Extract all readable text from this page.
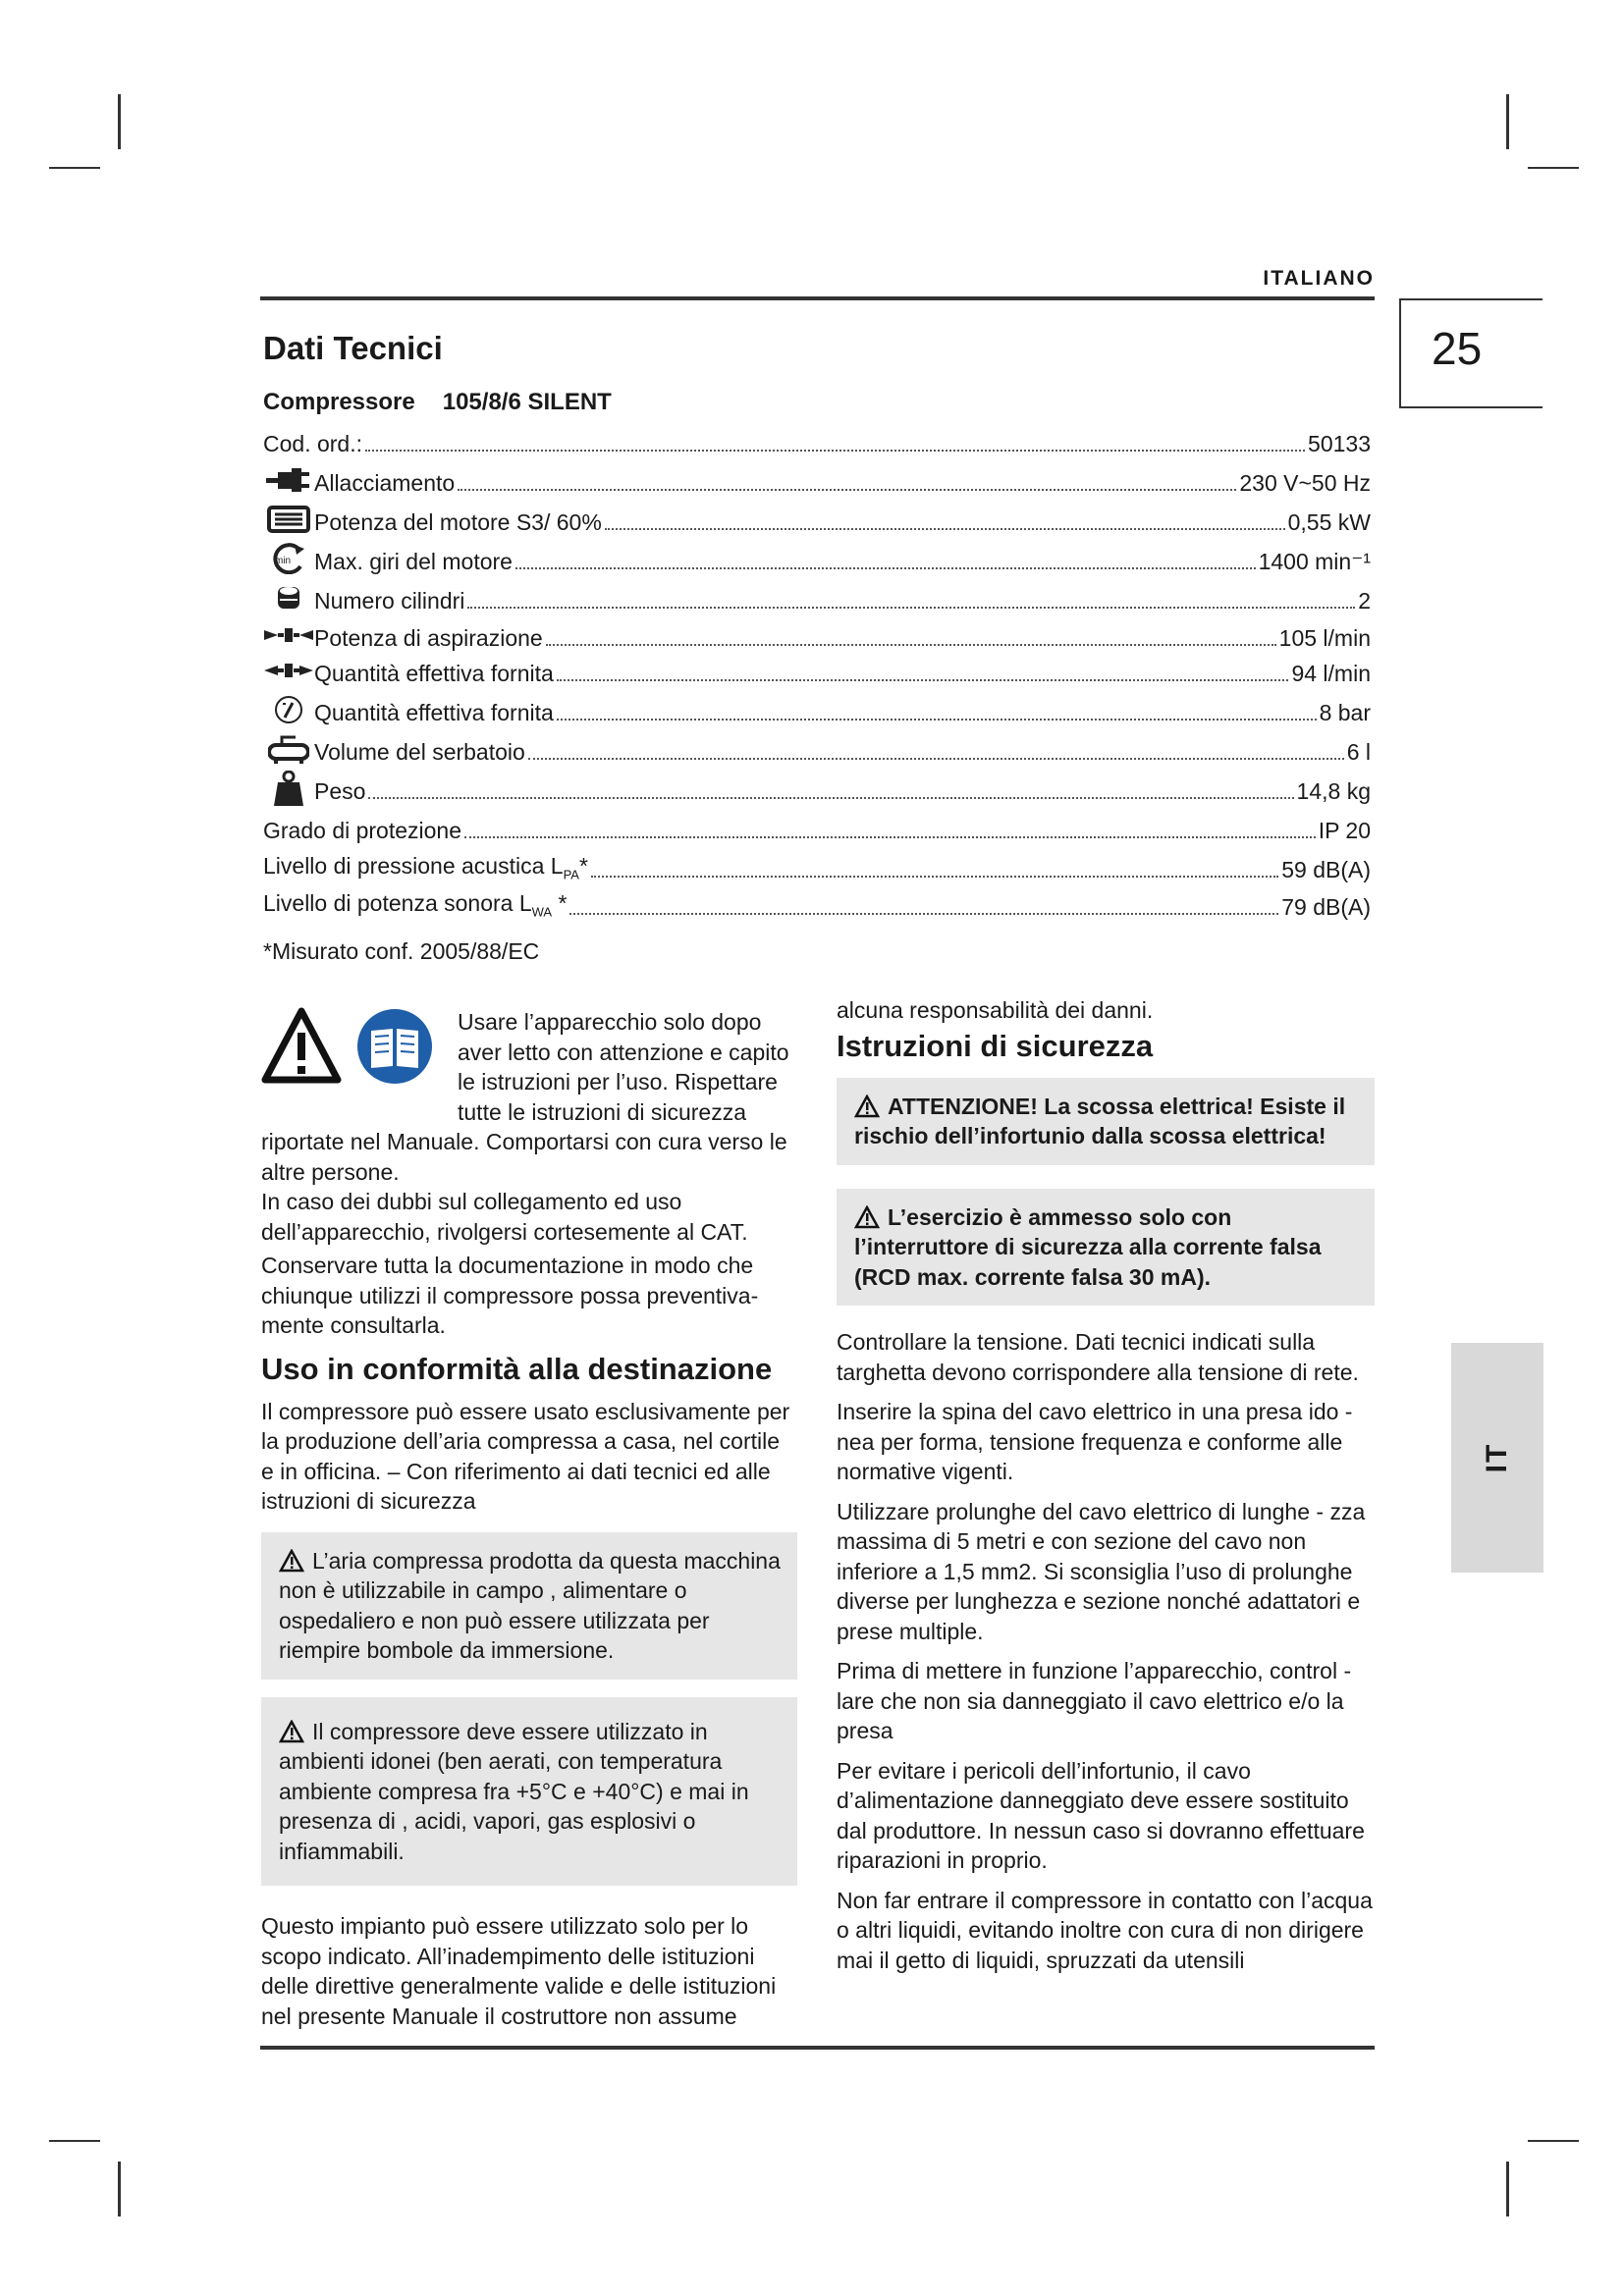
ITALIANO
25
IT
Dati Tecnici
Compressore 105/8/6 SILENT
Cod. ord.:	50133
Allacciamento	230 V~50 Hz
Potenza del motore S3/ 60%	0,55 kW
min Max. giri del motore	1400 min⁻¹
Numero cilindri	2
Potenza di aspirazione	105 l/min
Quantità effettiva fornita	94 l/min
Quantità effettiva fornita	8 bar
Volume del serbatoio	6 l
Peso	14,8 kg
Grado di protezione	IP 20
Livello di pressione acustica $L_{PA}*$	59 dB(A)
Livello di potenza sonora $L_{WA}$ *	79 dB(A)
*Misurato conf. 2005/88/EC

Usare l’apparecchio solo dopo aver letto con attenzione e capito le istruzioni per l’uso. Rispettare tutte le istruzioni di sicurezza riportate nel Manuale. Comportarsi con cura verso le altre persone.

In caso dei dubbi sul collegamento ed uso dell’apparecchio, rivolgersi cortesemente al CAT.

Conservare tutta la documentazione in modo che chiunque utilizzi il compressore possa preventiva-mente consultarla.

Uso in conformità alla destinazione

Il compressore può essere usato esclusivamente per la produzione dell’aria compressa a casa, nel cortile e in officina. – Con riferimento ai dati tecnici ed alle istruzioni di sicurezza

L’aria compressa prodotta da questa macchina non è utilizzabile in campo , alimentare o ospedaliero e non può essere utilizzata per riempire bombole da immersione.
Il compressore deve essere utilizzato in ambienti idonei (ben aerati, con temperatura ambiente compresa fra +5°C e +40°C) e mai in presenza di , acidi, vapori, gas esplosivi o infiammabili.

Questo impianto può essere utilizzato solo per lo scopo indicato. All’inadempimento delle istituzioni delle direttive generalmente valide e delle istituzioni nel presente Manuale il costruttore non assume

alcuna responsabilità dei danni.

Istruzioni di sicurezza
ATTENZIONE! La scossa elettrica! Esiste il rischio dell’infortunio dalla scossa elettrica!
L’esercizio è ammesso solo con l’interruttore di sicurezza alla corrente falsa (RCD max. corrente falsa 30 mA).

Controllare la tensione. Dati tecnici indicati sulla targhetta devono corrispondere alla tensione di rete.

Inserire la spina del cavo elettrico in una presa ido - nea per forma, tensione frequenza e conforme alle normative vigenti.

Utilizzare prolunghe del cavo elettrico di lunghe - zza massima di 5 metri e con sezione del cavo non inferiore a 1,5 mm2. Si sconsiglia l’uso di prolunghe diverse per lunghezza e sezione nonché adattatori e prese multiple.

Prima di mettere in funzione l’apparecchio, control - lare che non sia danneggiato il cavo elettrico e/o la presa

Per evitare i pericoli dell’infortunio, il cavo d’alimentazione danneggiato deve essere sostituito dal produttore. In nessun caso si dovranno effettuare riparazioni in proprio.

Non far entrare il compressore in contatto con l’acqua o altri liquidi, evitando inoltre con cura di non dirigere mai il getto di liquidi, spruzzati da utensili
